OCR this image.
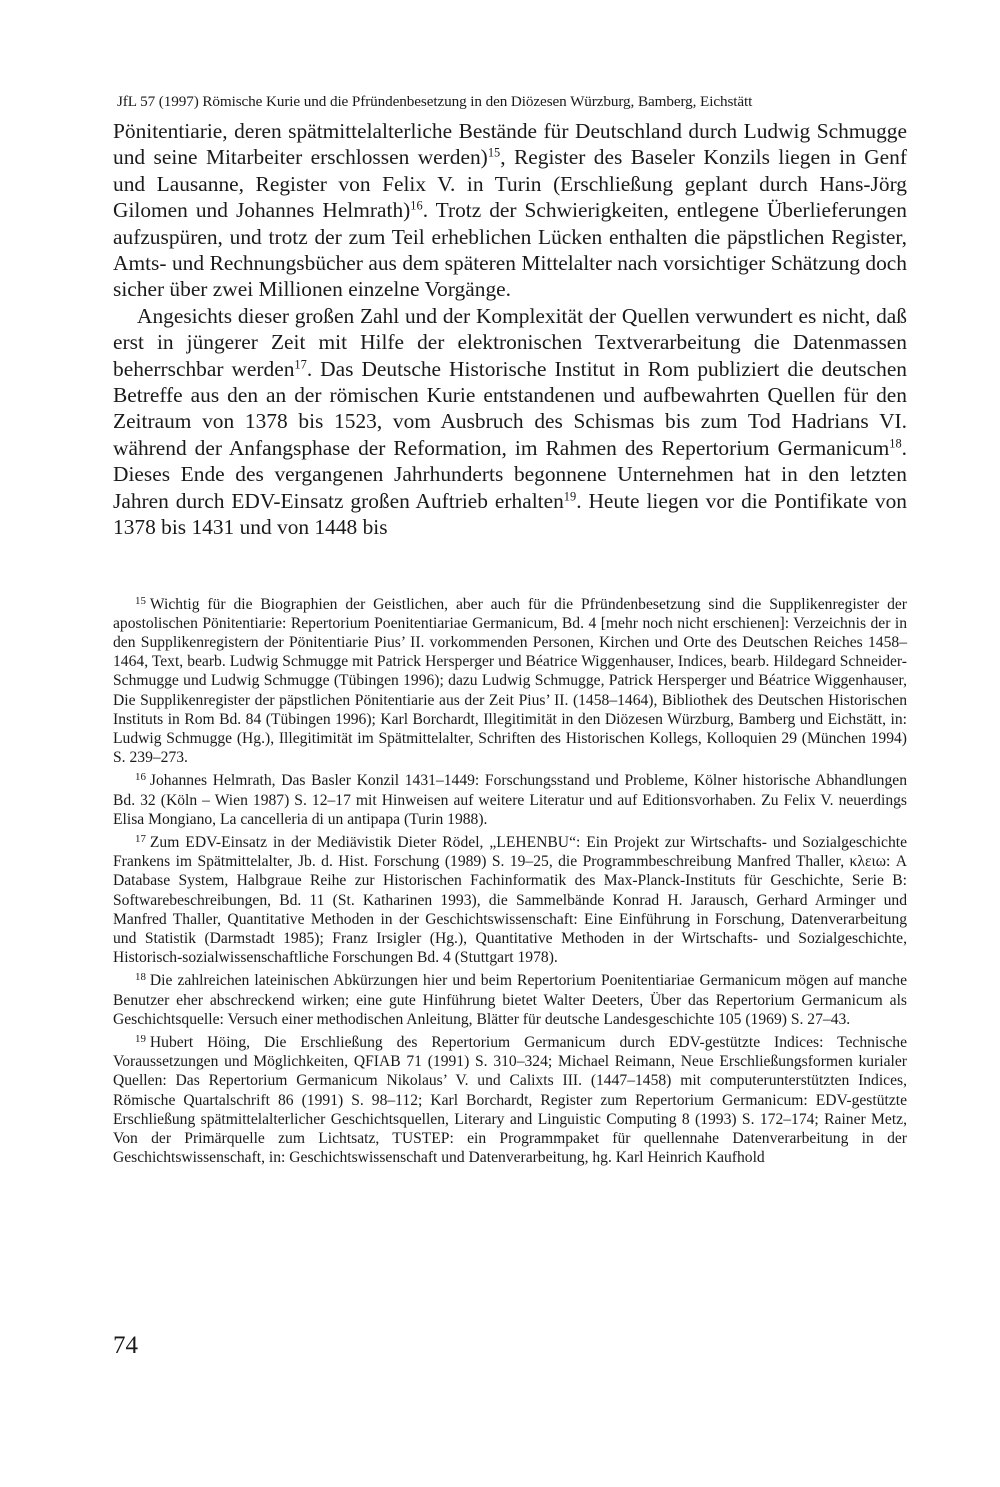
JfL 57 (1997) Römische Kurie und die Pfründenbesetzung in den Diözesen Würzburg, Bamberg, Eichstätt

Pönitentiarie, deren spätmittelalterliche Bestände für Deutschland durch Ludwig Schmugge und seine Mitarbeiter erschlossen werden)$^{15}$, Register des Baseler Konzils liegen in Genf und Lausanne, Register von Felix V. in Turin (Erschließung geplant durch Hans-Jörg Gilomen und Johannes Helmrath)$^{16}$. Trotz der Schwierigkeiten, entlegene Überlieferungen aufzuspüren, und trotz der zum Teil erheblichen Lücken enthalten die päpstlichen Register, Amts- und Rechnungsbücher aus dem späteren Mittelalter nach vorsichtiger Schätzung doch sicher über zwei Millionen einzelne Vorgänge.

Angesichts dieser großen Zahl und der Komplexität der Quellen verwundert es nicht, daß erst in jüngerer Zeit mit Hilfe der elektronischen Textverarbeitung die Datenmassen beherrschbar werden$^{17}$. Das Deutsche Historische Institut in Rom publiziert die deutschen Betreffe aus den an der römischen Kurie entstandenen und aufbewahrten Quellen für den Zeitraum von 1378 bis 1523, vom Ausbruch des Schismas bis zum Tod Hadrians VI. während der Anfangsphase der Reformation, im Rahmen des Repertorium Germanicum$^{18}$. Dieses Ende des vergangenen Jahrhunderts begonnene Unternehmen hat in den letzten Jahren durch EDV-Einsatz großen Auftrieb erhalten$^{19}$. Heute liegen vor die Pontifikate von 1378 bis 1431 und von 1448 bis

$^{15}$ Wichtig für die Biographien der Geistlichen, aber auch für die Pfründenbesetzung sind die Supplikenregister der apostolischen Pönitentiarie: Repertorium Poenitentiariae Germanicum, Bd. 4 [mehr noch nicht erschienen]: Verzeichnis der in den Supplikenregistern der Pönitentiarie Pius’ II. vorkommenden Personen, Kirchen und Orte des Deutschen Reiches 1458–1464, Text, bearb. Ludwig Schmugge mit Patrick Hersperger und Béatrice Wiggenhauser, Indices, bearb. Hildegard Schneider-Schmugge und Ludwig Schmugge (Tübingen 1996); dazu Ludwig Schmugge, Patrick Hersperger und Béatrice Wiggenhauser, Die Supplikenregister der päpstlichen Pönitentiarie aus der Zeit Pius’ II. (1458–1464), Bibliothek des Deutschen Historischen Instituts in Rom Bd. 84 (Tübingen 1996); Karl Borchardt, Illegitimität in den Diözesen Würzburg, Bamberg und Eichstätt, in: Ludwig Schmugge (Hg.), Illegitimität im Spätmittelalter, Schriften des Historischen Kollegs, Kolloquien 29 (München 1994) S. 239–273.

$^{16}$ Johannes Helmrath, Das Basler Konzil 1431–1449: Forschungsstand und Probleme, Kölner historische Abhandlungen Bd. 32 (Köln – Wien 1987) S. 12–17 mit Hinweisen auf weitere Literatur und auf Editionsvorhaben. Zu Felix V. neuerdings Elisa Mongiano, La cancelleria di un antipapa (Turin 1988).

$^{17}$ Zum EDV-Einsatz in der Mediävistik Dieter Rödel, „LEHENBU“: Ein Projekt zur Wirtschafts- und Sozialgeschichte Frankens im Spätmittelalter, Jb. d. Hist. Forschung (1989) S. 19–25, die Programmbeschreibung Manfred Thaller, κλειω: A Database System, Halbgraue Reihe zur Historischen Fachinformatik des Max-Planck-Instituts für Geschichte, Serie B: Softwarebeschreibungen, Bd. 11 (St. Katharinen 1993), die Sammelbände Konrad H. Jarausch, Gerhard Arminger und Manfred Thaller, Quantitative Methoden in der Geschichtswissenschaft: Eine Einführung in Forschung, Datenverarbeitung und Statistik (Darmstadt 1985); Franz Irsigler (Hg.), Quantitative Methoden in der Wirtschafts- und Sozialgeschichte, Historisch-sozialwissenschaftliche Forschungen Bd. 4 (Stuttgart 1978).

$^{18}$ Die zahlreichen lateinischen Abkürzungen hier und beim Repertorium Poenitentiariae Germanicum mögen auf manche Benutzer eher abschreckend wirken; eine gute Hinführung bietet Walter Deeters, Über das Repertorium Germanicum als Geschichtsquelle: Versuch einer methodischen Anleitung, Blätter für deutsche Landesgeschichte 105 (1969) S. 27–43.

$^{19}$ Hubert Höing, Die Erschließung des Repertorium Germanicum durch EDV-gestützte Indices: Technische Voraussetzungen und Möglichkeiten, QFIAB 71 (1991) S. 310–324; Michael Reimann, Neue Erschließungsformen kurialer Quellen: Das Repertorium Germanicum Nikolaus’ V. und Calixts III. (1447–1458) mit computerunterstützten Indices, Römische Quartalschrift 86 (1991) S. 98–112; Karl Borchardt, Register zum Repertorium Germanicum: EDV-gestützte Erschließung spätmittelalterlicher Geschichtsquellen, Literary and Linguistic Computing 8 (1993) S. 172–174; Rainer Metz, Von der Primärquelle zum Lichtsatz, TUSTEP: ein Programmpaket für quellennahe Datenverarbeitung in der Geschichtswissenschaft, in: Geschichtswissenschaft und Datenverarbeitung, hg. Karl Heinrich Kaufhold

74
